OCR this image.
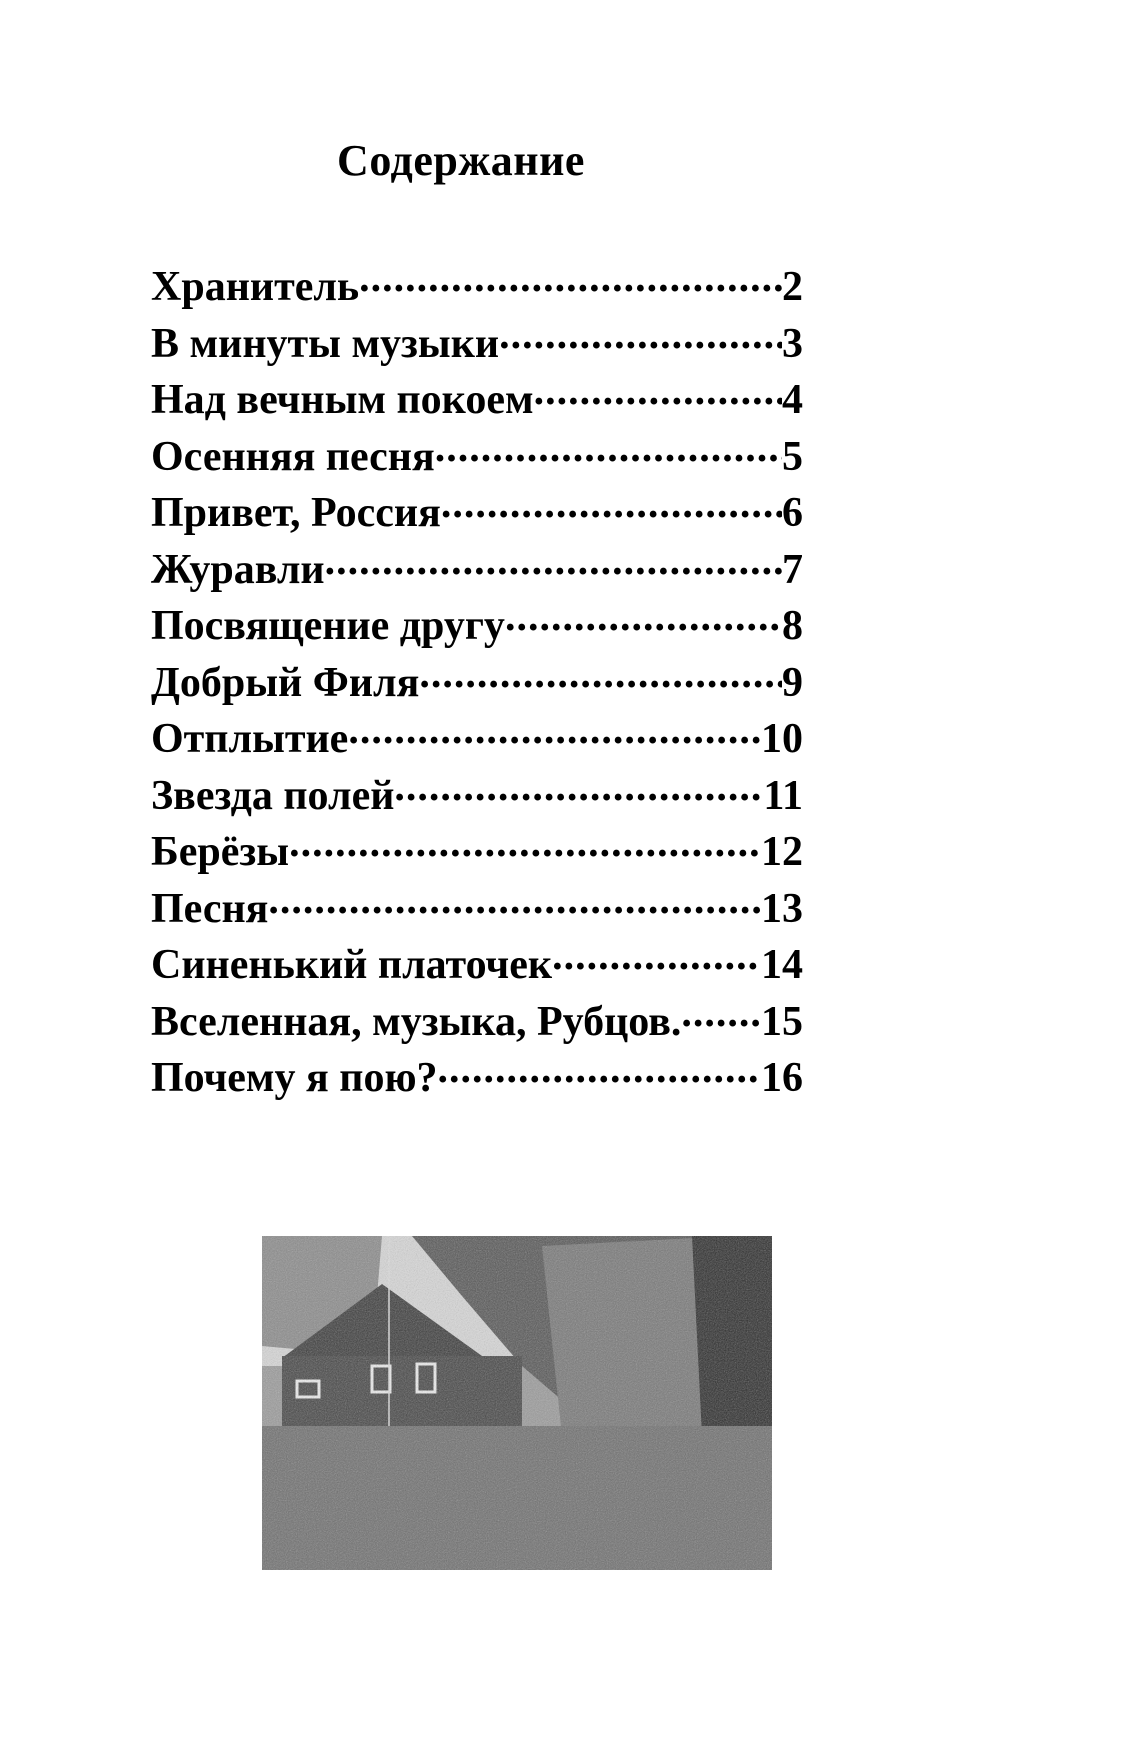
Содержание
Хранитель .....	2
В минуты музыки .....	3
Над вечным покоем .....	4
Осенняя песня .....	5
Привет, Россия .....	6
Журавли .....	7
Посвящение другу .....	8
Добрый Филя .....	9
Отплытие .....	10
Звезда полей .....	11
Берёзы .....	12
Песня .....	13
Синенький платочек .....	14
Вселенная, музыка, Рубцов. ..... 15
Почему я пою? .....	16
